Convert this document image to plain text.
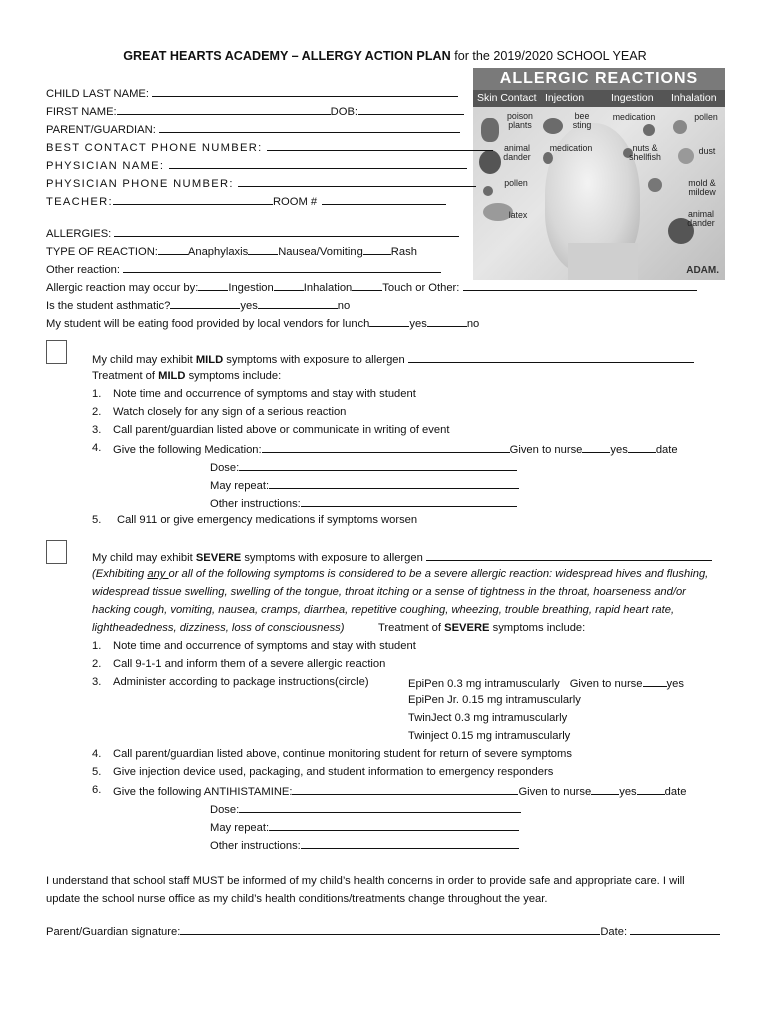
GREAT HEARTS ACADEMY – ALLERGY ACTION PLAN for the 2019/2020 SCHOOL YEAR
ALLERGIC REACTIONS
Skin Contact Injection	Ingestion Inhalation
poison plants
bee sting
medication	pollen
animal dander
medication	nuts & shellfish
dust
pollen	mold & mildew
latex	animal dander
ADAM.
CHILD LAST NAME:
FIRST NAME:	DOB:
PARENT/GUARDIAN:
BEST CONTACT PHONE NUMBER:
PHYSICIAN NAME:
PHYSICIAN PHONE NUMBER:
TEACHER:	ROOM #
ALLERGIES:
TYPE OF REACTION:	Anaphylaxis	Nausea/Vomiting	Rash
Other reaction:
Allergic reaction may occur by:	Ingestion	Inhalation	Touch or Other:
Is the student asthmatic?	yes	no
My student will be eating food provided by local vendors for lunch	yes	no
My child may exhibit MILD symptoms with exposure to allergen
Treatment of MILD symptoms include:
1. Note time and occurrence of symptoms and stay with student
2. Watch closely for any sign of a serious reaction
3. Call parent/guardian listed above or communicate in writing of event
4. Give the following Medication:	Given to nurse	yes	date
Dose:
May repeat:
Other instructions:
5. Call 911 or give emergency medications if symptoms worsen
My child may exhibit SEVERE symptoms with exposure to allergen
(Exhibiting any or all of the following symptoms is considered to be a severe allergic reaction: widespread hives and flushing,
widespread tissue swelling, swelling of the tongue, throat itching or a sense of tightness in the throat, hoarseness and/or
hacking cough, vomiting, nausea, cramps, diarrhea, repetitive coughing, wheezing, trouble breathing, rapid heart rate,
lightheadedness, dizziness, loss of consciousness)	Treatment of SEVERE symptoms include:
1. Note time and occurrence of symptoms and stay with student
2. Call 9-1-1 and inform them of a severe allergic reaction
3. Administer according to package instructions(circle)	EpiPen 0.3 mg intramuscularly Given to nurse yes
EpiPen Jr. 0.15 mg intramuscularly
TwinJect 0.3 mg intramuscularly
Twinject 0.15 mg intramuscularly
4. Call parent/guardian listed above, continue monitoring student for return of severe symptoms
5. Give injection device used, packaging, and student information to emergency responders
6. Give the following ANTIHISTAMINE:	Given to nurse	yes	date
Dose:
May repeat:
Other instructions:
I understand that school staff MUST be informed of my child’s health concerns in order to provide safe and appropriate care. I will
update the school nurse office as my child’s health conditions/treatments change throughout the year.
Parent/Guardian signature:	Date:
